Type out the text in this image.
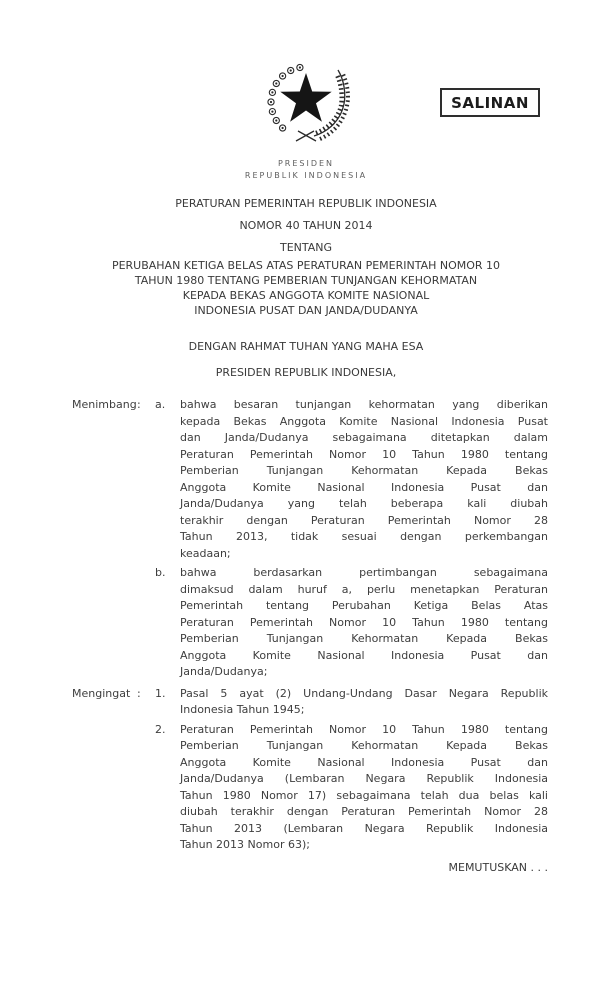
SALINAN
PRESIDEN
REPUBLIK INDONESIA
PERATURAN PEMERINTAH REPUBLIK INDONESIA
NOMOR 40 TAHUN 2014
TENTANG
PERUBAHAN KETIGA BELAS ATAS PERATURAN PEMERINTAH NOMOR 10
TAHUN 1980 TENTANG PEMBERIAN TUNJANGAN KEHORMATAN
KEPADA BEKAS ANGGOTA KOMITE NASIONAL
INDONESIA PUSAT DAN JANDA/DUDANYA
DENGAN RAHMAT TUHAN YANG MAHA ESA
PRESIDEN REPUBLIK INDONESIA,
Menimbang :	a.	bahwa besaran tunjangan kehormatan yang diberikan
kepada Bekas Anggota Komite Nasional Indonesia Pusat
dan Janda/Dudanya sebagaimana ditetapkan dalam
Peraturan Pemerintah Nomor 10 Tahun 1980 tentang
Pemberian Tunjangan Kehormatan Kepada Bekas
Anggota Komite Nasional Indonesia Pusat dan
Janda/Dudanya yang telah beberapa kali diubah
terakhir dengan Peraturan Pemerintah Nomor 28
Tahun 2013, tidak sesuai dengan perkembangan
keadaan;
b.	bahwa berdasarkan pertimbangan sebagaimana
dimaksud dalam huruf a, perlu menetapkan Peraturan
Pemerintah tentang Perubahan Ketiga Belas Atas
Peraturan Pemerintah Nomor 10 Tahun 1980 tentang
Pemberian Tunjangan Kehormatan Kepada Bekas
Anggota Komite Nasional Indonesia Pusat dan
Janda/Dudanya;
Mengingat :	1.	Pasal 5 ayat (2) Undang-Undang Dasar Negara Republik
Indonesia Tahun 1945;
2.	Peraturan Pemerintah Nomor 10 Tahun 1980 tentang
Pemberian Tunjangan Kehormatan Kepada Bekas
Anggota Komite Nasional Indonesia Pusat dan
Janda/Dudanya (Lembaran Negara Republik Indonesia
Tahun 1980 Nomor 17) sebagaimana telah dua belas kali
diubah terakhir dengan Peraturan Pemerintah Nomor 28
Tahun 2013 (Lembaran Negara Republik Indonesia
Tahun 2013 Nomor 63);
MEMUTUSKAN . . .
